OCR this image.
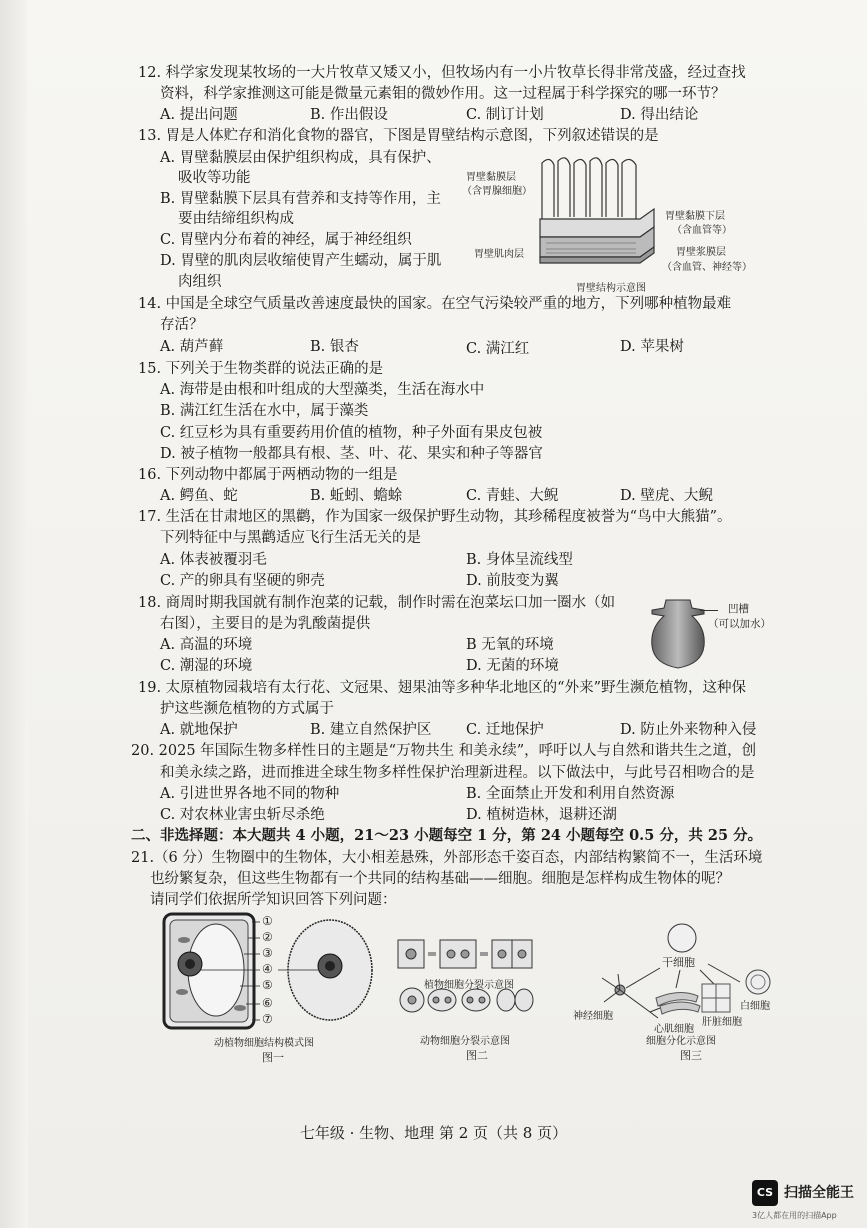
12. 科学家发现某牧场的一大片牧草又矮又小，但牧场内有一小片牧草长得非常茂盛，经过查找
资料，科学家推测这可能是微量元素钼的微妙作用。这一过程属于科学探究的哪一环节？
A. 提出问题	B. 作出假设	C. 制订计划	D. 得出结论
13. 胃是人体贮存和消化食物的器官，下图是胃壁结构示意图，下列叙述错误的是
A. 胃壁黏膜层由保护组织构成，具有保护、
吸收等功能
B. 胃壁黏膜下层具有营养和支持等作用，主
要由结缔组织构成
C. 胃壁内分布着的神经，属于神经组织
D. 胃壁的肌肉层收缩使胃产生蠕动，属于肌
肉组织
胃壁黏膜层
（含胃腺细胞）
胃壁黏膜下层
（含血管等）
胃壁肌肉层	胃壁浆膜层
（含血管、神经等）
胃壁结构示意图
14. 中国是全球空气质量改善速度最快的国家。在空气污染较严重的地方，下列哪种植物最难
存活？
A. 葫芦藓	B. 银杏	C. 满江红	D. 苹果树
15. 下列关于生物类群的说法正确的是
A. 海带是由根和叶组成的大型藻类，生活在海水中
B. 满江红生活在水中，属于藻类
C. 红豆杉为具有重要药用价值的植物，种子外面有果皮包被
D. 被子植物一般都具有根、茎、叶、花、果实和种子等器官
16. 下列动物中都属于两栖动物的一组是
A. 鳄鱼、蛇	B. 蚯蚓、蟾蜍	C. 青蛙、大鲵	D. 壁虎、大鲵
17. 生活在甘肃地区的黑鹳，作为国家一级保护野生动物，其珍稀程度被誉为“鸟中大熊猫”。
下列特征中与黑鹳适应飞行生活无关的是
A. 体表被覆羽毛	B. 身体呈流线型
C. 产的卵具有坚硬的卵壳	D. 前肢变为翼
18. 商周时期我国就有制作泡菜的记载，制作时需在泡菜坛口加一圈水（如
右图），主要目的是为乳酸菌提供
A. 高温的环境	B 无氧的环境
C. 潮湿的环境	D. 无菌的环境
凹槽
（可以加水）
19. 太原植物园栽培有太行花、文冠果、翅果油等多种华北地区的“外来”野生濒危植物，这种保
护这些濒危植物的方式属于
A. 就地保护	B. 建立自然保护区 C. 迁地保护	D. 防止外来物种入侵
20. 2025 年国际生物多样性日的主题是“万物共生 和美永续”，呼吁以人与自然和谐共生之道，创
和美永续之路，进而推进全球生物多样性保护治理新进程。以下做法中，与此号召相吻合的是
A. 引进世界各地不同的物种	B. 全面禁止开发和利用自然资源
C. 对农林业害虫斩尽杀绝	D. 植树造林，退耕还湖
二、非选择题：本大题共 4 小题，21～23 小题每空 1 分，第 24 小题每空 0.5 分，共 25 分。
21.（6 分）生物圈中的生物体，大小相差悬殊，外部形态千姿百态，内部结构繁简不一，生活环境
也纷繁复杂，但这些生物都有一个共同的结构基础——细胞。细胞是怎样构成生物体的呢？
请同学们依据所学知识回答下列问题：
①
②
③
④
⑤
⑥
⑦
动植物细胞结构模式图
图一
植物细胞分裂示意图
动物细胞分裂示意图
图二
干细胞
神经细胞
心肌细胞
肝脏细胞
白细胞
细胞分化示意图
图三
七年级 · 生物、地理 第 2 页（共 8 页）
CS 扫描全能王
3亿人都在用的扫描App
